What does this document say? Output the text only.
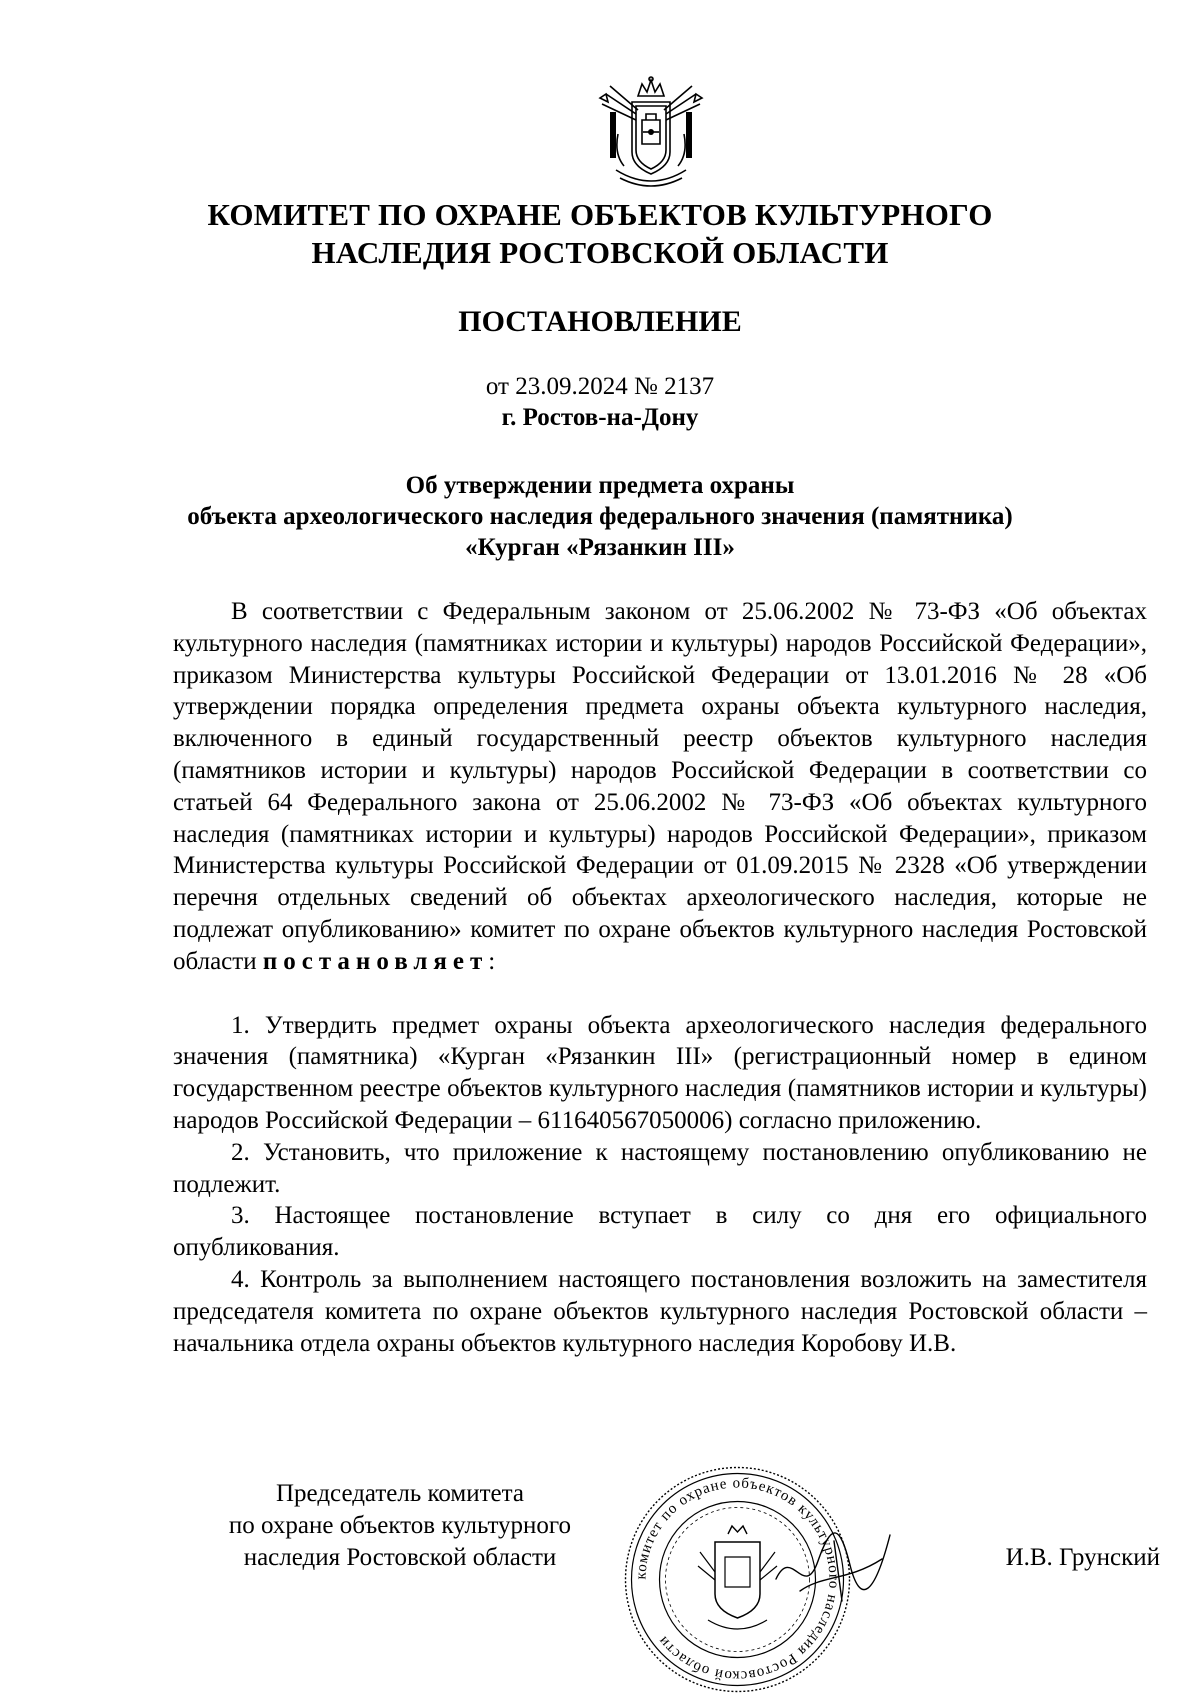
КОМИТЕТ ПО ОХРАНЕ ОБЪЕКТОВ КУЛЬТУРНОГО
НАСЛЕДИЯ РОСТОВСКОЙ ОБЛАСТИ
ПОСТАНОВЛЕНИЕ
от 23.09.2024 № 2137
г. Ростов-на-Дону
Об утверждении предмета охраны
объекта археологического наследия федерального значения (памятника)
«Курган «Рязанкин III»

В соответствии с Федеральным законом от 25.06.2002 № 73-ФЗ «Об объектах культурного наследия (памятниках истории и культуры) народов Российской Федерации», приказом Министерства культуры Российской Федерации от 13.01.2016 № 28 «Об утверждении порядка определения предмета охраны объекта культурного наследия, включенного в единый государственный реестр объектов культурного наследия (памятников истории и культуры) народов Российской Федерации в соответствии со статьей 64 Федерального закона от 25.06.2002 № 73-ФЗ «Об объектах культурного наследия (памятниках истории и культуры) народов Российской Федерации», приказом Министерства культуры Российской Федерации от 01.09.2015 № 2328 «Об утверждении перечня отдельных сведений об объектах археологического наследия, которые не подлежат опубликованию» комитет по охране объектов культурного наследия Ростовской области постановляет:

1. Утвердить предмет охраны объекта археологического наследия федерального значения (памятника) «Курган «Рязанкин III» (регистрационный номер в едином государственном реестре объектов культурного наследия (памятников истории и культуры) народов Российской Федерации – 611640567050006) согласно приложению.

2. Установить, что приложение к настоящему постановлению опубликованию не подлежит.

3. Настоящее постановление вступает в силу со дня его официального опубликования.

4. Контроль за выполнением настоящего постановления возложить на заместителя председателя комитета по охране объектов культурного наследия Ростовской области – начальника отдела охраны объектов культурного наследия Коробову И.В.

Председатель комитета
по охране объектов культурного
наследия Ростовской области
комитет по охране объектов культурного наследия Ростовской области
И.В. Грунский
